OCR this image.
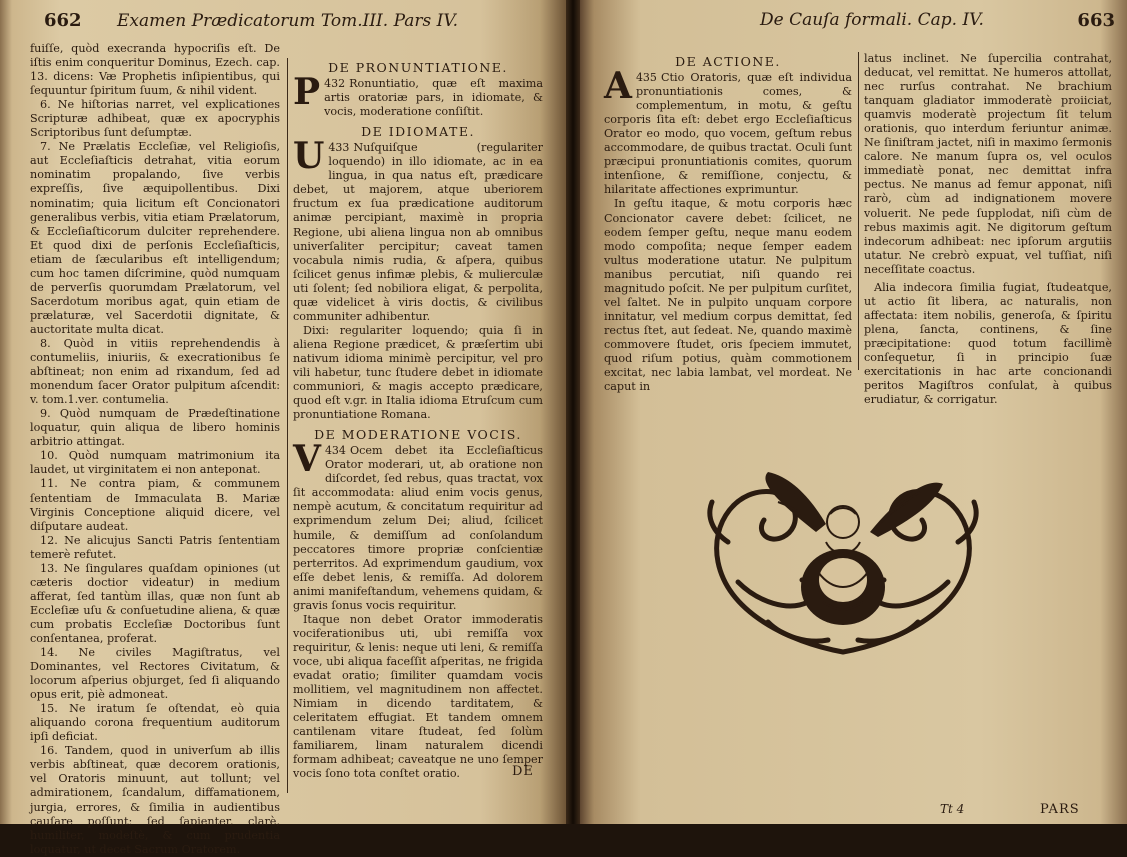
662 Examen Prædicatorum Tom.III. Pars IV.

fuiſſe, quòd execranda hypocriſis eſt. De iſtis enim conqueritur Dominus, Ezech. cap. 13. dicens: Væ Prophetis inſipientibus, qui ſequuntur ſpiritum ſuum, & nihil vident.

6. Ne hiſtorias narret, vel explicationes Scripturæ adhibeat, quæ ex apocryphis Scriptoribus ſunt deſumptæ.

7. Ne Prælatis Eccleſiæ, vel Religioſis, aut Eccleſiaſticis detrahat, vitia eorum nominatim propalando, ſive verbis expreſſis, ſive æquipollentibus. Dixi nominatim; quia licitum eſt Concionatori generalibus verbis, vitia etiam Prælatorum, & Eccleſiaſticorum dulciter reprehendere. Et quod dixi de perſonis Eccleſiaſticis, etiam de ſæcularibus eſt intelligendum; cum hoc tamen diſcrimine, quòd numquam de perverſis quorumdam Prælatorum, vel Sacerdotum moribus agat, quin etiam de prælaturæ, vel Sacerdotii dignitate, & auctoritate multa dicat.

8. Quòd in vitiis reprehendendis à contumeliis, iniuriis, & execrationibus ſe abſtineat; non enim ad rixandum, ſed ad monendum ſacer Orator pulpitum aſcendit: v. tom.1.ver. contumelia.

9. Quòd numquam de Prædeſtinatione loquatur, quin aliqua de libero hominis arbitrio attingat.

10. Quòd numquam matrimonium ita laudet, ut virginitatem ei non anteponat.

11. Ne contra piam, & communem ſententiam de Immaculata B. Mariæ Virginis Conceptione aliquid dicere, vel diſputare audeat.

12. Ne alicujus Sancti Patris ſententiam temerè refutet.

13. Ne ſingulares quaſdam opiniones (ut cæteris doctior videatur) in medium afferat, ſed tantùm illas, quæ non ſunt ab Eccleſiæ uſu & conſuetudine aliena, & quæ cum probatis Eccleſiæ Doctoribus ſunt conſentanea, proferat.

14. Ne civiles Magiſtratus, vel Dominantes, vel Rectores Civitatum, & locorum aſperius objurget, ſed ſi aliquando opus erit, piè admoneat.

15. Ne iratum ſe oſtendat, eò quia aliquando corona frequentium auditorum ipſi deficiat.

16. Tandem, quod in univerſum ab illis verbis abſtineat, quæ decorem orationis, vel Oratoris minuunt, aut tollunt; vel admirationem, ſcandalum, diffamationem, jurgia, errores, & ſimilia in audientibus cauſare poſſunt; ſed ſapienter, clarè, humiliter, modeſtè, & cum prudentia loquatur, ut decet Sacrum Oratorem.

DE PRONUNTIATIONE.

432
P	Ronuntiatio, quæ eſt maxima artis oratoriæ pars, in idiomate, & vocis, moderatione conſiſtit.

DE IDIOMATE.

433
U	Nuſquiſque (regulariter loquendo) in illo idiomate, ac in ea lingua, in qua natus eſt, prædicare debet, ut majorem, atque uberiorem fructum ex ſua prædicatione auditorum animæ percipiant, maximè in propria Regione, ubi aliena lingua non ab omnibus univerſaliter percipitur; caveat tamen vocabula nimis rudia, & aſpera, quibus ſcilicet genus infimæ plebis, & mulierculæ uti ſolent; ſed nobiliora eligat, & perpolita, quæ videlicet à viris doctis, & civilibus communiter adhibentur.

Dixi: regulariter loquendo; quia ſi in aliena Regione prædicet, & præſertim ubi nativum idioma minimè percipitur, vel pro vili habetur, tunc ſtudere debet in idiomate communiori, & magis accepto prædicare, quod eſt v.gr. in Italia idioma Etruſcum cum pronuntiatione Romana.

DE MODERATIONE VOCIS.

434
V	Ocem debet ita Eccleſiaſticus Orator moderari, ut, ab oratione non diſcordet, ſed rebus, quas tractat, vox ſit accommodata: aliud enim vocis genus, nempè acutum, & concitatum requiritur ad exprimendum zelum Dei; aliud, ſcilicet humile, & demiſſum ad conſolandum peccatores timore propriæ conſcientiæ perterritos. Ad exprimendum gaudium, vox eſſe debet lenis, & remiſſa. Ad dolorem animi manifeſtandum, vehemens quidam, & gravis ſonus vocis requiritur.

Itaque non debet Orator immoderatis vociferationibus uti, ubi remiſſa vox requiritur, & lenis: neque uti leni, & remiſſa voce, ubi aliqua faceſſit aſperitas, ne frigida evadat oratio; ſimiliter quamdam vocis mollitiem, vel magnitudinem non affectet. Nimiam in dicendo tarditatem, & celeritatem effugiat. Et tandem omnem cantilenam vitare ſtudeat, ſed ſolùm familiarem, linam naturalem dicendi formam adhibeat; caveatque ne uno ſemper vocis ſono tota conſtet oratio.	DE
De Cauſa formali. Cap. IV.	663
DE ACTIONE.

435
A	Ctio Oratoris, quæ eſt individua pronuntiationis comes, & complementum, in motu, & geſtu corporis ſita eſt: debet ergo Eccleſiaſticus Orator eo modo, quo vocem, geſtum rebus accommodare, de quibus tractat. Oculi ſunt præcipui pronuntiationis comites, quorum intenſione, & remiſſione, conjectu, & hilaritate affectiones exprimuntur.

In geſtu itaque, & motu corporis hæc Concionator cavere debet: ſcilicet, ne eodem ſemper geſtu, neque manu eodem modo compoſita; neque ſemper eadem vultus moderatione utatur. Ne pulpitum manibus percutiat, niſi quando rei magnitudo poſcit. Ne per pulpitum curſitet, vel ſaltet. Ne in pulpito unquam corpore innitatur, vel medium corpus demittat, ſed rectus ſtet, aut ſedeat. Ne, quando maximè commovere ſtudet, oris ſpeciem immutet, quod riſum potius, quàm commotionem excitat, nec labia lambat, vel mordeat. Ne caput in

latus inclinet. Ne ſupercilia contrahat, deducat, vel remittat. Ne humeros attollat, nec rurſus contrahat. Ne brachium tanquam gladiator immoderatè proiiciat, quamvis moderatè projectum ſit telum orationis, quo interdum feriuntur animæ. Ne ſiniſtram jactet, niſi in maximo ſermonis calore. Ne manum ſupra os, vel oculos immediatè ponat, nec demittat infra pectus. Ne manus ad femur apponat, niſi rarò, cùm ad indignationem movere voluerit. Ne pede ſupplodat, niſi cùm de rebus maximis agit. Ne digitorum geſtum indecorum adhibeat: nec ipſorum argutiis utatur. Ne crebrò expuat, vel tuſſiat, niſi neceſſitate coactus.

Alia indecora ſimilia fugiat, ſtudeatque, ut actio ſit libera, ac naturalis, non affectata: item nobilis, generoſa, & ſpiritu plena, ſancta, continens, & ſine præcipitatione: quod totum facillimè conſequetur, ſi in principio ſuæ exercitationis in hac arte concionandi peritos Magiſtros conſulat, à quibus erudiatur, & corrigatur.

Tt 4	PARS
